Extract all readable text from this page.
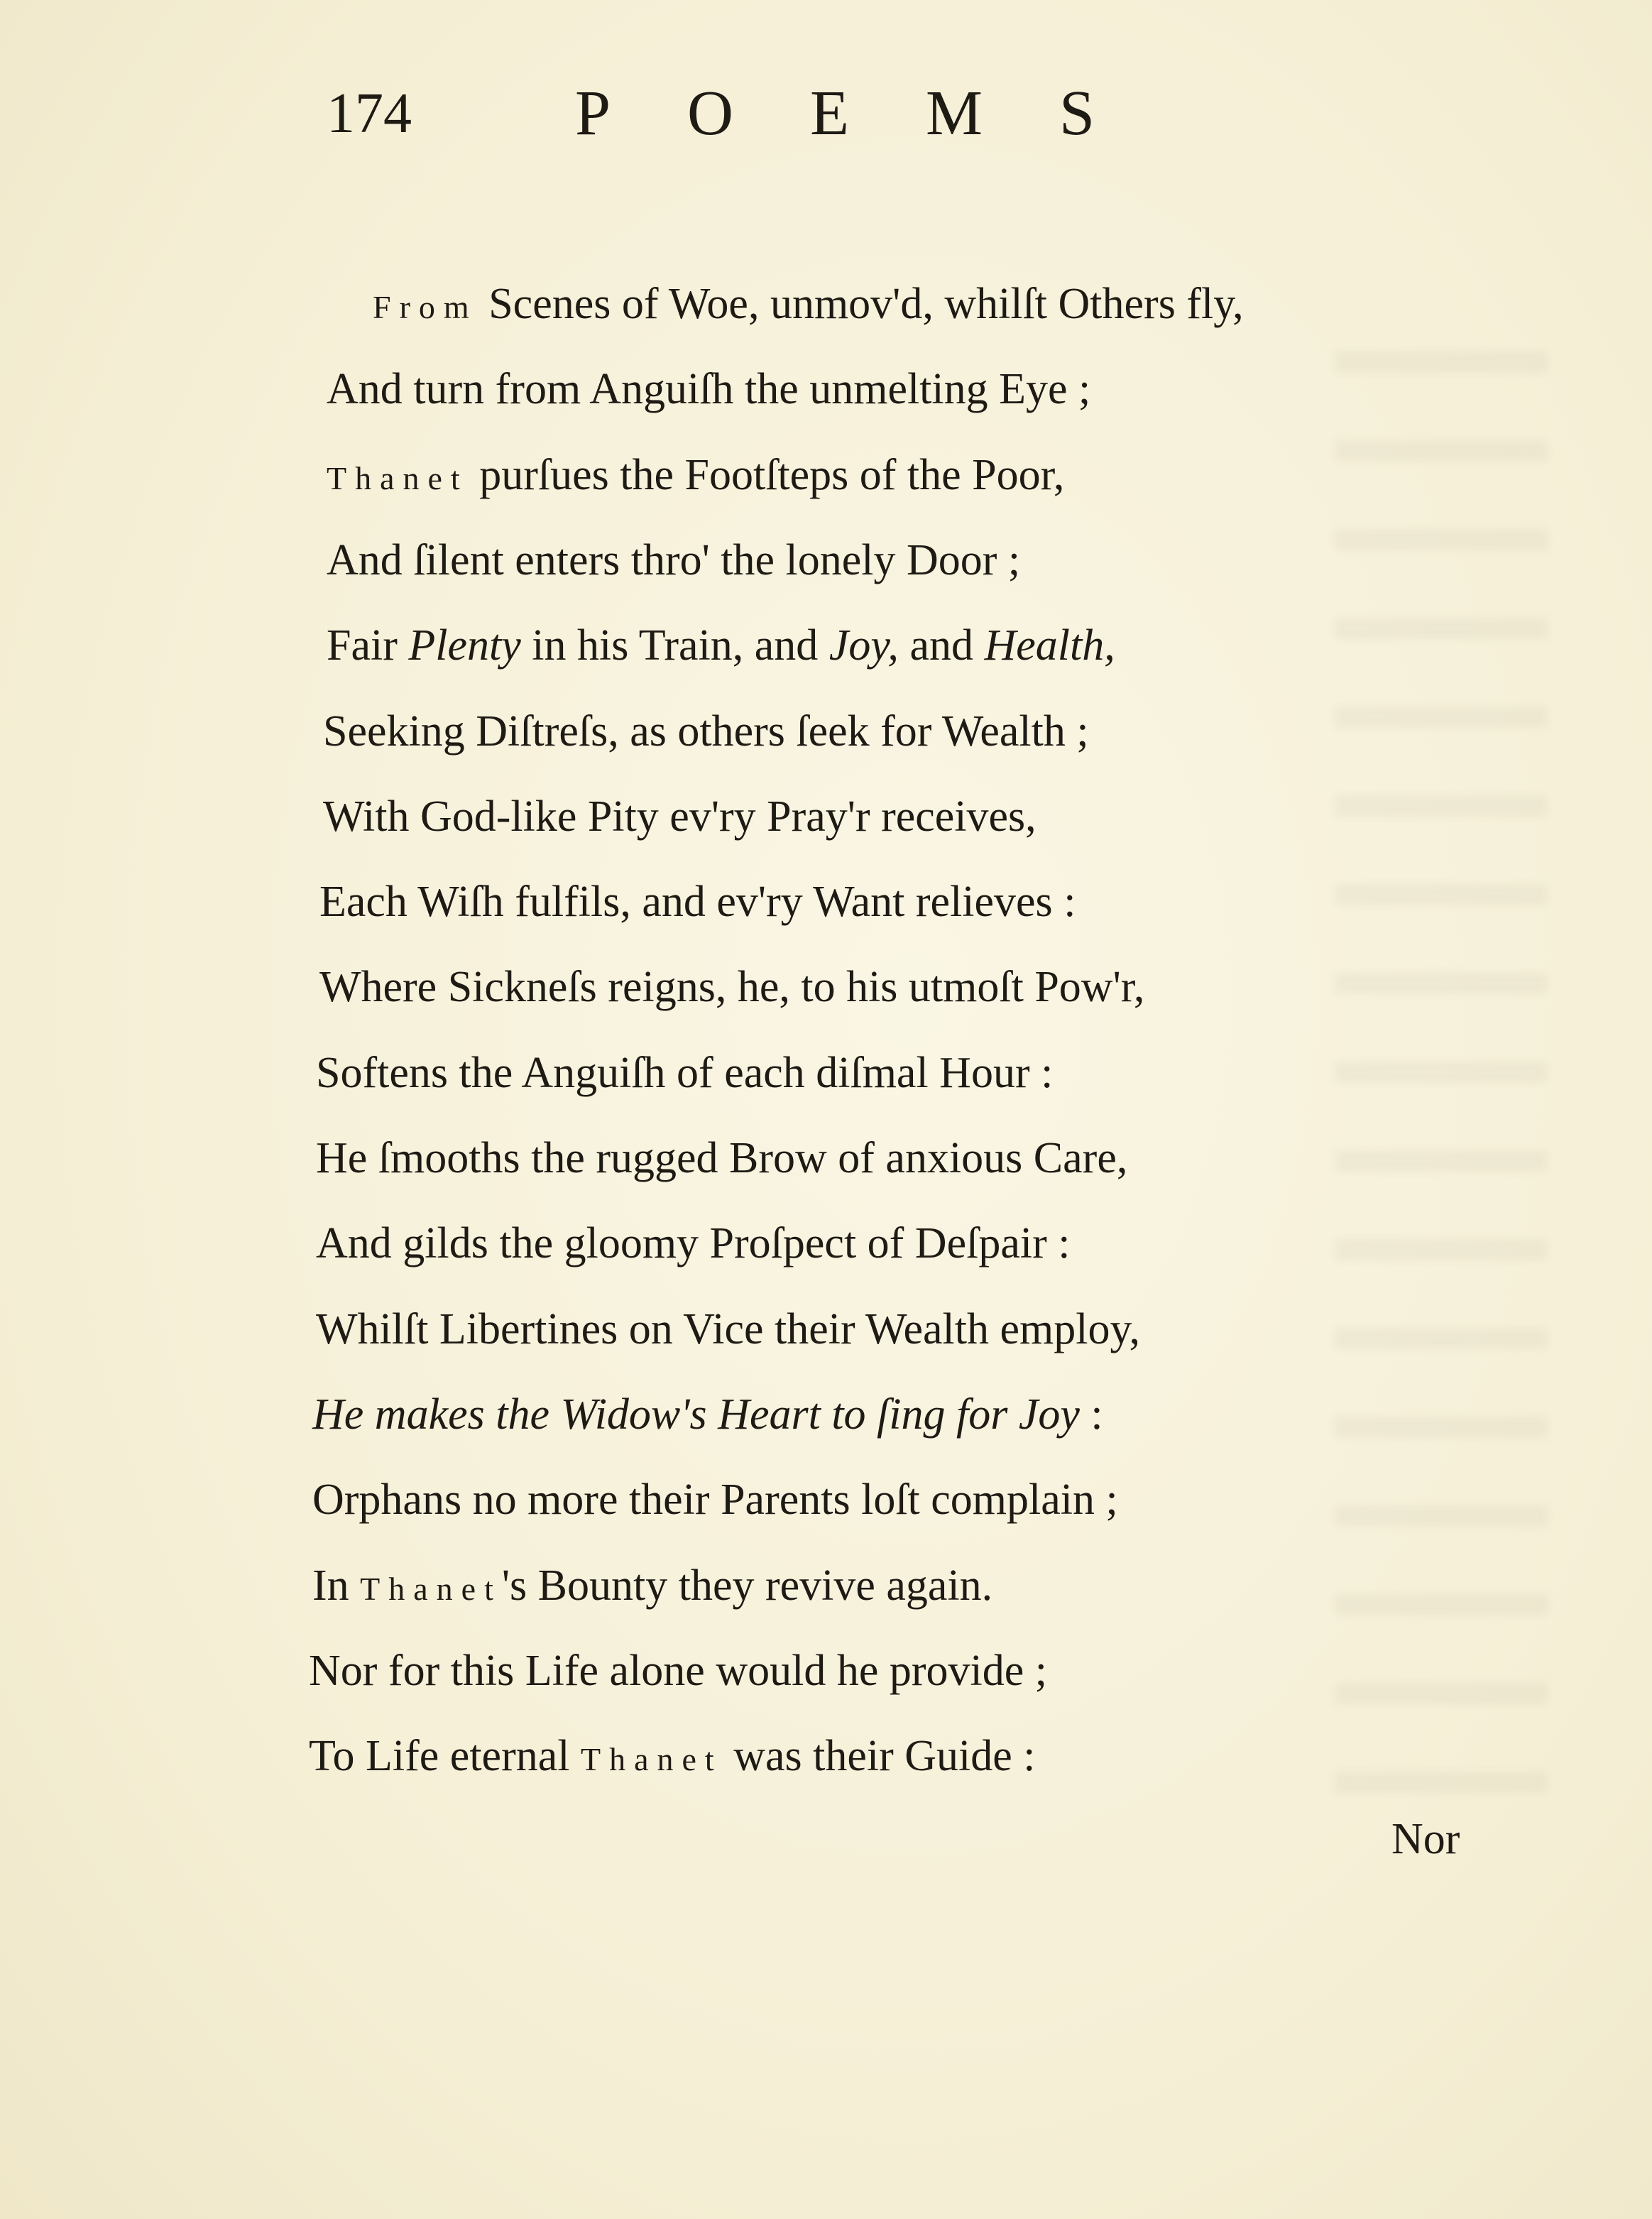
174	POEMS
From Scenes of Woe, unmov'd, whilſt Others fly,
And turn from Anguiſh the unmelting Eye ;
Thanet purſues the Footſteps of the Poor,
And ſilent enters thro' the lonely Door ;
Fair Plenty in his Train, and Joy, and Health,
Seeking Diſtreſs, as others ſeek for Wealth ;
With God-like Pity ev'ry Pray'r receives,
Each Wiſh fulfils, and ev'ry Want relieves :
Where Sickneſs reigns, he, to his utmoſt Pow'r,
Softens the Anguiſh of each diſmal Hour :
He ſmooths the rugged Brow of anxious Care,
And gilds the gloomy Proſpect of Deſpair :
Whilſt Libertines on Vice their Wealth employ,
He makes the Widow's Heart to ſing for Joy :
Orphans no more their Parents loſt complain ;
In Thanet's Bounty they revive again.
Nor for this Life alone would he provide ;
To Life eternal Thanet was their Guide :
Nor
